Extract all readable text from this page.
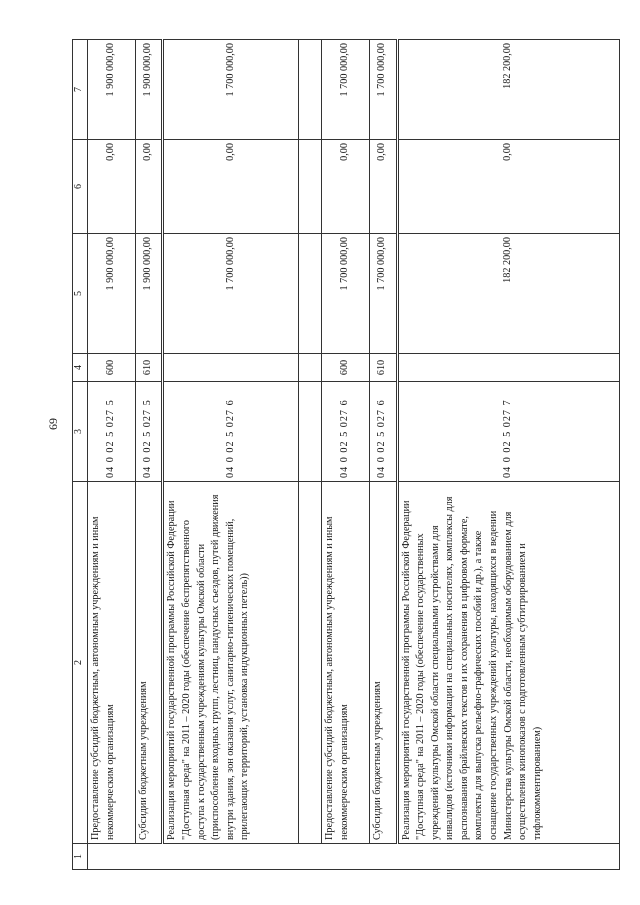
69
1	2	3	4	5	6	7
	Предоставление субсидий бюджетным, автономным учреждениям и иным некоммерческим организациям	04 0 02 5 027 5	600	1 900 000,00	0,00	1 900 000,00
	Субсидии бюджетным учреждениям	04 0 02 5 027 5	610	1 900 000,00	0,00	1 900 000,00
	Реализация мероприятий государственной программы Российской Федерации "Доступная среда" на 2011 – 2020 годы (обеспечение беспрепятственного доступа к государственным учреждениям культуры Омской области (приспособление входных групп, лестниц, пандусных съездов, путей движения внутри здания, зон оказания услуг, санитарно-гигиенических помещений, прилегающих территорий, установка индукционных петель))	04 0 02 5 027 6		1 700 000,00	0,00	1 700 000,00

	Предоставление субсидий бюджетным, автономным учреждениям и иным некоммерческим организациям	04 0 02 5 027 6	600	1 700 000,00	0,00	1 700 000,00
	Субсидии бюджетным учреждениям	04 0 02 5 027 6	610	1 700 000,00	0,00	1 700 000,00
	Реализация мероприятий государственной программы Российской Федерации "Доступная среда" на 2011 – 2020 годы (обеспечение государственных учреждений культуры Омской области специальными устройствами для инвалидов (источники информации на специальных носителях, комплексы для распознавания брайлевских текстов и их сохранения в цифровом формате, комплекты для выпуска рельефно-графических пособий и др.), а также оснащение государственных учреждений культуры, находящихся в ведении Министерства культуры Омской области, необходимым оборудованием для осуществления кинопоказов с подготовленным субтитрированием и тифлокомментированием)	04 0 02 5 027 7		182 200,00	0,00	182 200,00
